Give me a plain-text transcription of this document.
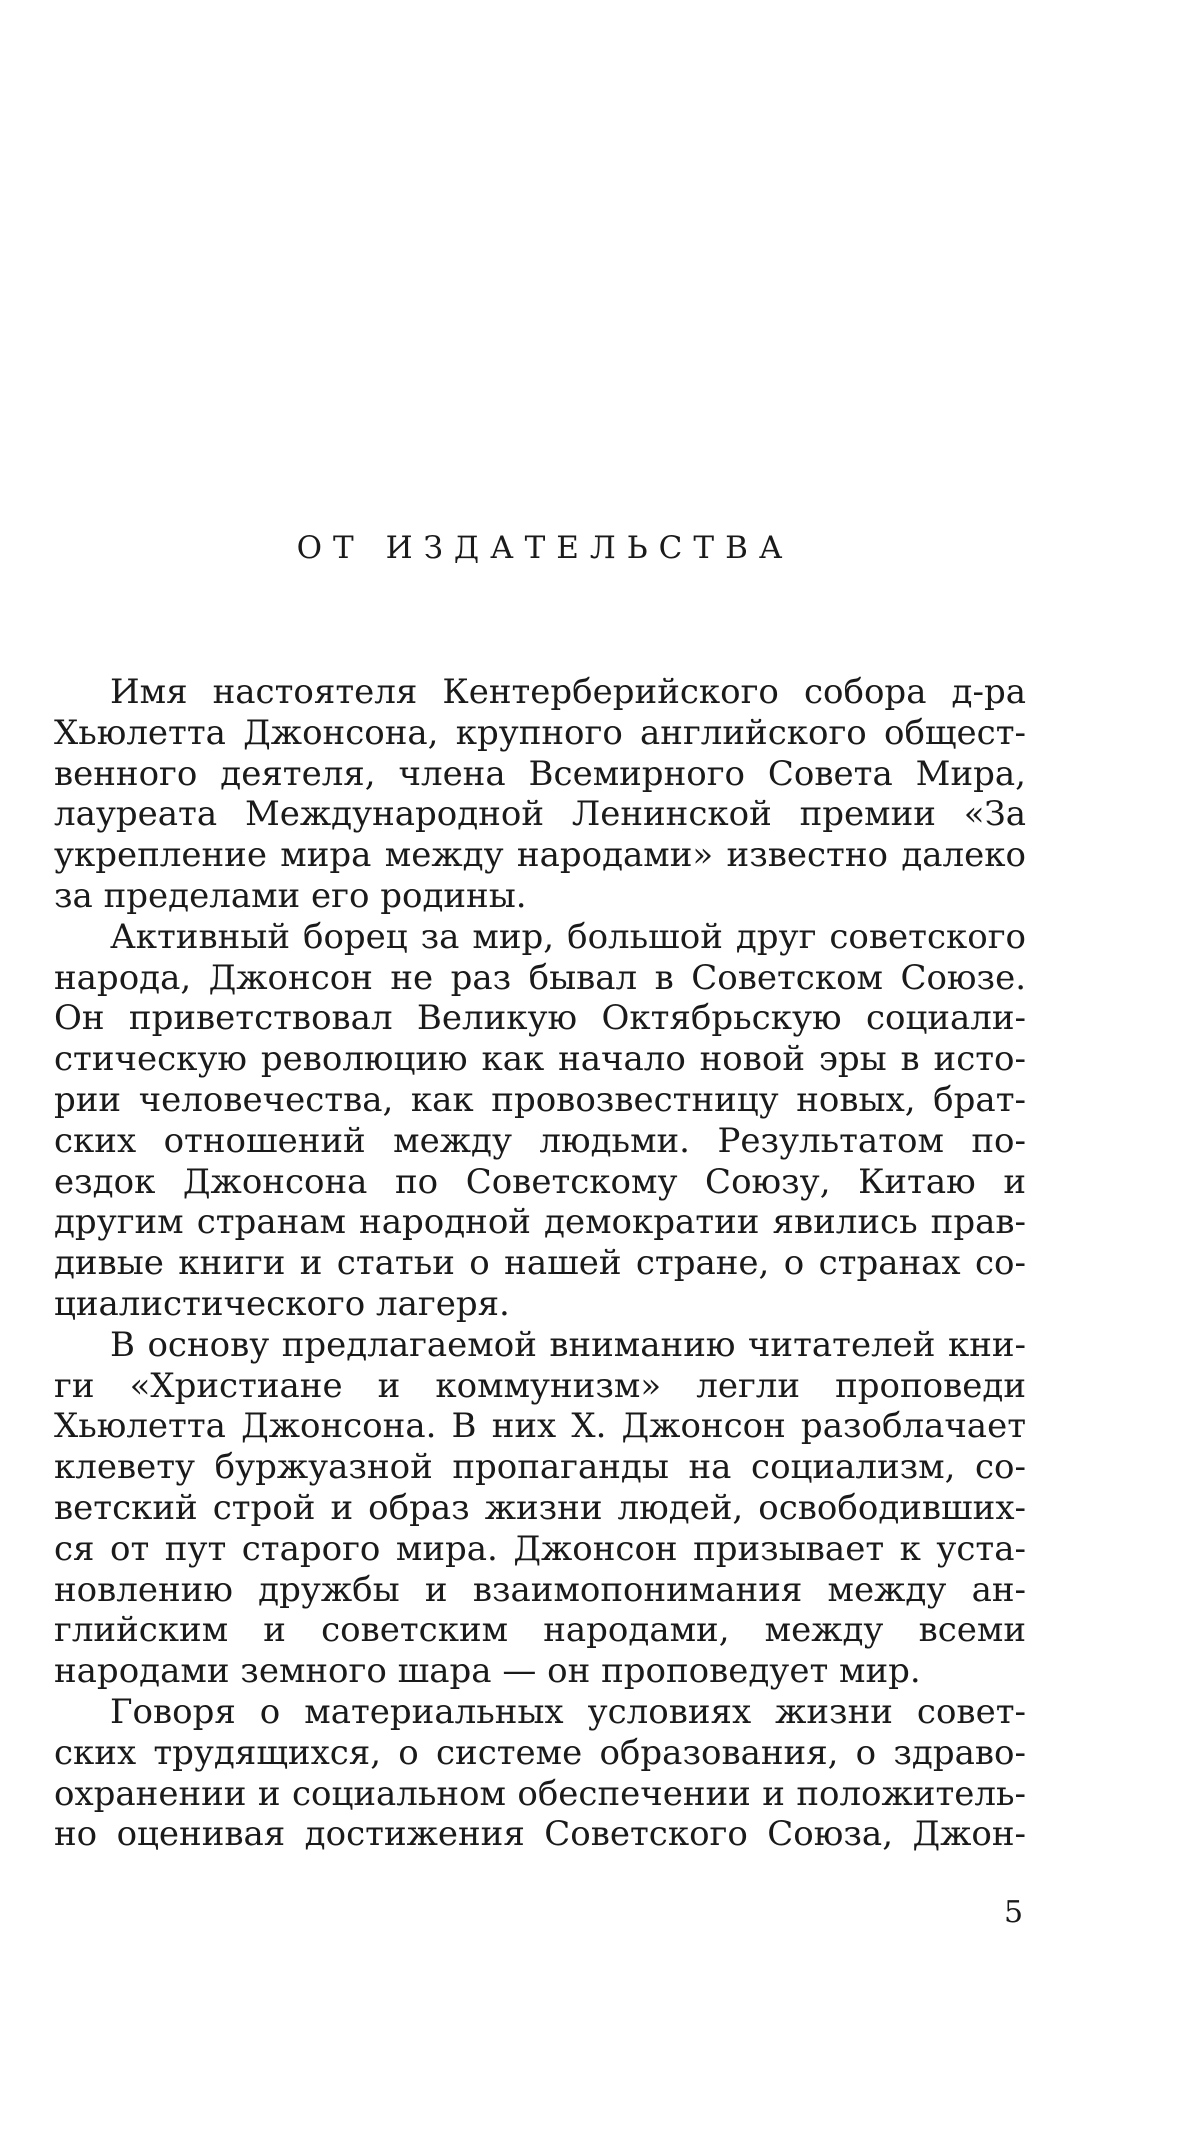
ОТ ИЗДАТЕЛЬСТВА
Имя настоятеля Кентерберийского собора д-ра
Хьюлетта Джонсона, крупного английского общест-
венного деятеля, члена Всемирного Совета Мира,
лауреата Международной Ленинской премии «За
укрепление мира между народами» известно далеко
за пределами его родины.
Активный борец за мир, большой друг советского
народа, Джонсон не раз бывал в Советском Союзе.
Он приветствовал Великую Октябрьскую социали-
стическую революцию как начало новой эры в исто-
рии человечества, как провозвестницу новых, брат-
ских отношений между людьми. Результатом по-
ездок Джонсона по Советскому Союзу, Китаю и
другим странам народной демократии явились прав-
дивые книги и статьи о нашей стране, о странах со-
циалистического лагеря.
В основу предлагаемой вниманию читателей кни-
ги «Христиане и коммунизм» легли проповеди
Хьюлетта Джонсона. В них Х. Джонсон разоблачает
клевету буржуазной пропаганды на социализм, со-
ветский строй и образ жизни людей, освободивших-
ся от пут старого мира. Джонсон призывает к уста-
новлению дружбы и взаимопонимания между ан-
глийским и советским народами, между всеми
народами земного шара — он проповедует мир.
Говоря о материальных условиях жизни совет-
ских трудящихся, о системе образования, о здраво-
охранении и социальном обеспечении и положитель-
но оценивая достижения Советского Союза, Джон-
5
